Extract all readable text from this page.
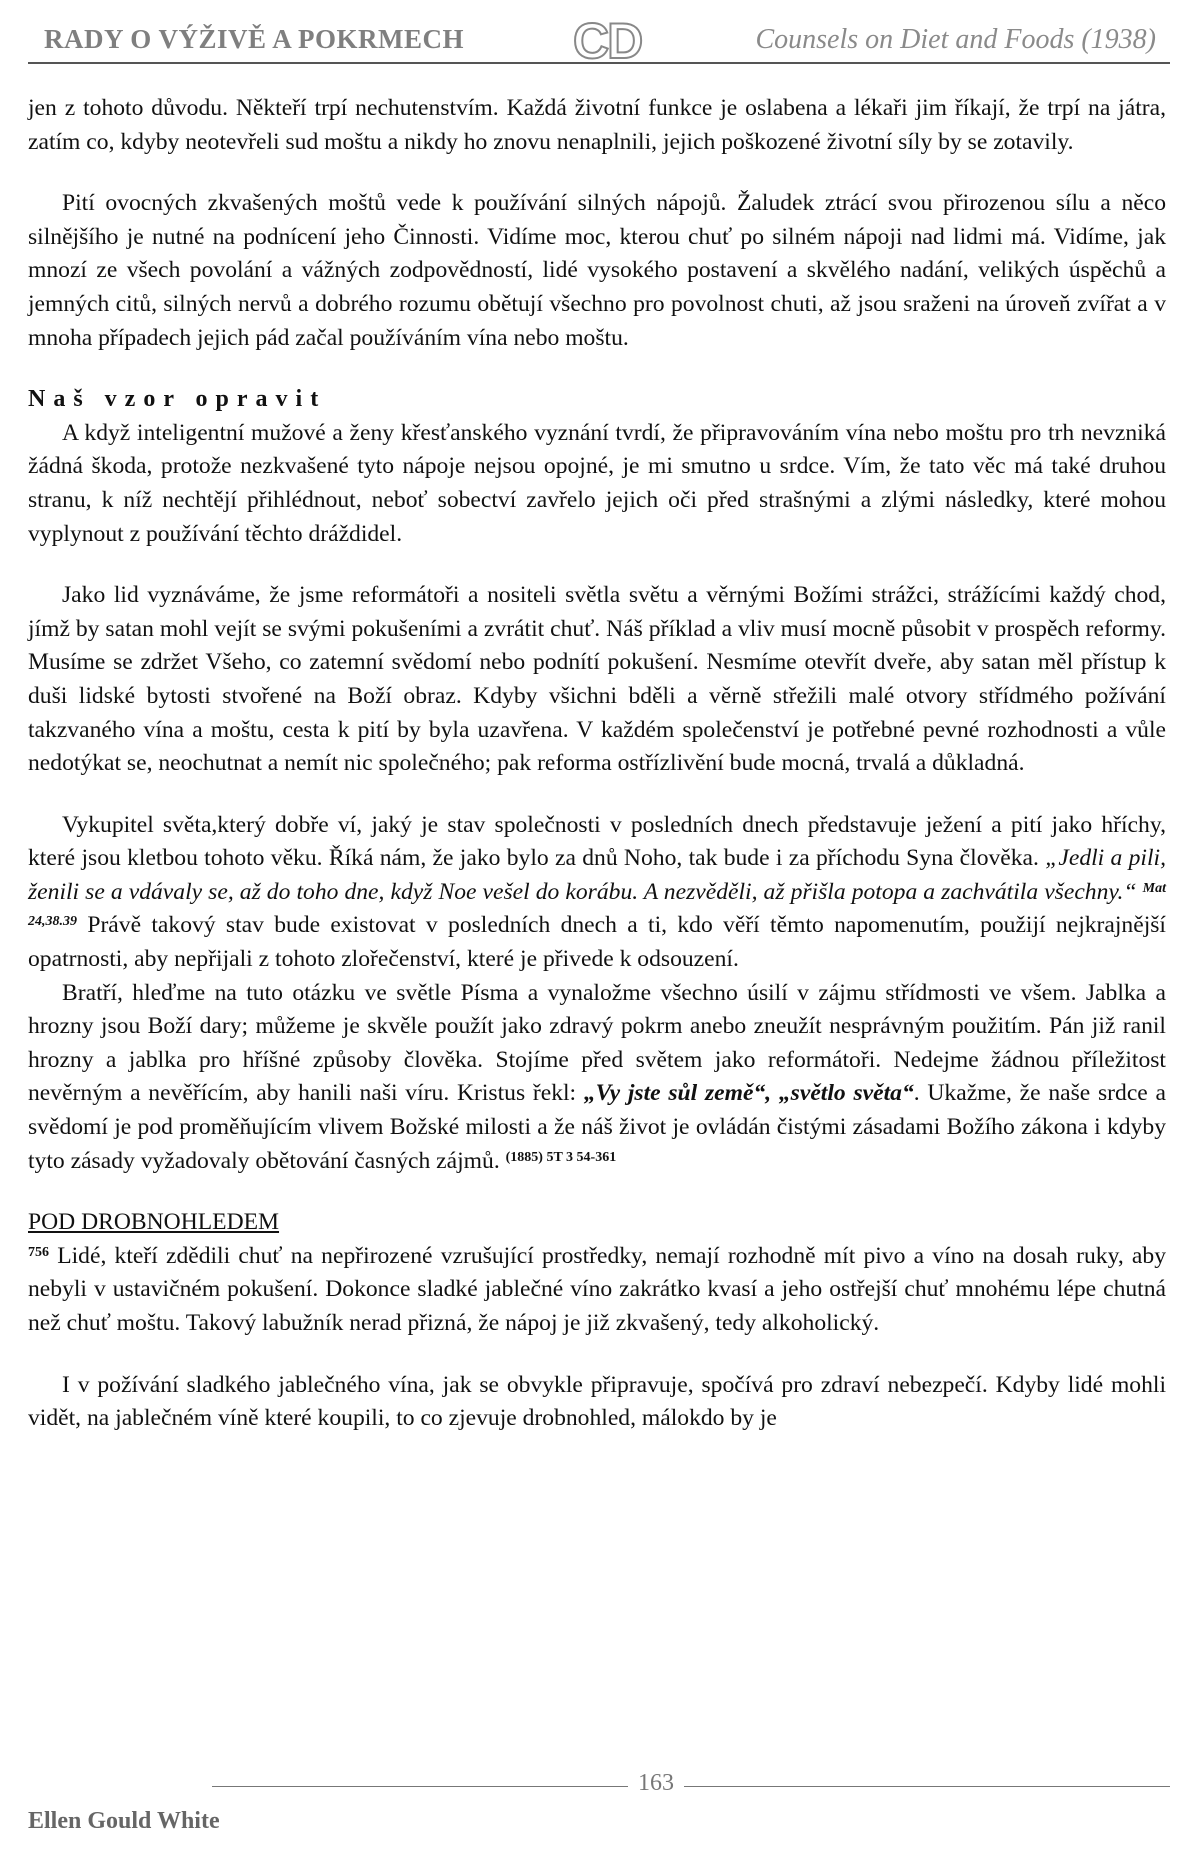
RADY O VÝŽIVĚ A POKRMECH CD	Counsels on Diet and Foods (1938)

jen z tohoto důvodu. Někteří trpí nechutenstvím. Každá životní funkce je oslabena a lékaři jim říkají, že trpí na játra, zatím co, kdyby neotevřeli sud moštu a nikdy ho znovu nenaplnili, jejich poškozené životní síly by se zotavily.

Pití ovocných zkvašených moštů vede k používání silných nápojů. Žaludek ztrácí svou přirozenou sílu a něco silnějšího je nutné na podnícení jeho Činnosti. Vidíme moc, kterou chuť po silném nápoji nad lidmi má. Vidíme, jak mnozí ze všech povolání a vážných zodpovědností, lidé vysokého postavení a skvělého nadání, velikých úspěchů a jemných citů, silných nervů a dobrého rozumu obětují všechno pro povolnost chuti, až jsou sraženi na úroveň zvířat a v mnoha případech jejich pád začal používáním vína nebo moštu.

Naš vzor opravit

A když inteligentní mužové a ženy křesťanského vyznání tvrdí, že připravováním vína nebo moštu pro trh nevzniká žádná škoda, protože nezkvašené tyto nápoje nejsou opojné, je mi smutno u srdce. Vím, že tato věc má také druhou stranu, k níž nechtějí přihlédnout, neboť sobectví zavřelo jejich oči před strašnými a zlými následky, které mohou vyplynout z používání těchto dráždidel.

Jako lid vyznáváme, že jsme reformátoři a nositeli světla světu a věrnými Božími strážci, strážícími každý chod, jímž by satan mohl vejít se svými pokušeními a zvrátit chuť. Náš příklad a vliv musí mocně působit v prospěch reformy. Musíme se zdržet Všeho, co zatemní svědomí nebo podnítí pokušení. Nesmíme otevřít dveře, aby satan měl přístup k duši lidské bytosti stvořené na Boží obraz. Kdyby všichni bděli a věrně střežili malé otvory střídmého požívání takzvaného vína a moštu, cesta k pití by byla uzavřena. V každém společenství je potřebné pevné rozhodnosti a vůle nedotýkat se, neochutnat a nemít nic společného; pak reforma ostřízlivění bude mocná, trvalá a důkladná.

Vykupitel světa,který dobře ví, jaký je stav společnosti v posledních dnech představuje ježení a pití jako hříchy, které jsou kletbou tohoto věku. Říká nám, že jako bylo za dnů Noho, tak bude i za příchodu Syna člověka. „Jedli a pili, ženili se a vdávaly se, až do toho dne, když Noe vešel do korábu. A nezvěděli, až přišla potopa a zachvátila všechny.“ $^{Mat 24,38.39}$ Právě takový stav bude existovat v posledních dnech a ti, kdo věří těmto napomenutím, použijí nejkrajnější opatrnosti, aby nepřijali z tohoto zlořečenství, které je přivede k odsouzení.

Bratří, hleďme na tuto otázku ve světle Písma a vynaložme všechno úsilí v zájmu střídmosti ve všem. Jablka a hrozny jsou Boží dary; můžeme je skvěle použít jako zdravý pokrm anebo zneužít nesprávným použitím. Pán již ranil hrozny a jablka pro hříšné způsoby člověka. Stojíme před světem jako reformátoři. Nedejme žádnou příležitost nevěrným a nevěřícím, aby hanili naši víru. Kristus řekl: „Vy jste sůl země“, „světlo světa“. Ukažme, že naše srdce a svědomí je pod proměňujícím vlivem Božské milosti a že náš život je ovládán čistými zásadami Božího zákona i kdyby tyto zásady vyžadovaly obětování časných zájmů. $^{(1885) 5T 3 54-361}$

POD DROBNOHLEDEM

$^{756}$ Lidé, kteří zdědili chuť na nepřirozené vzrušující prostředky, nemají rozhodně mít pivo a víno na dosah ruky, aby nebyli v ustavičném pokušení. Dokonce sladké jablečné víno zakrátko kvasí a jeho ostřejší chuť mnohému lépe chutná než chuť moštu. Takový labužník nerad přizná, že nápoj je již zkvašený, tedy alkoholický.

I v požívání sladkého jablečného vína, jak se obvykle připravuje, spočívá pro zdraví nebezpečí. Kdyby lidé mohli vidět, na jablečném víně které koupili, to co zjevuje drobnohled, málokdo by je

163
Ellen Gould White
